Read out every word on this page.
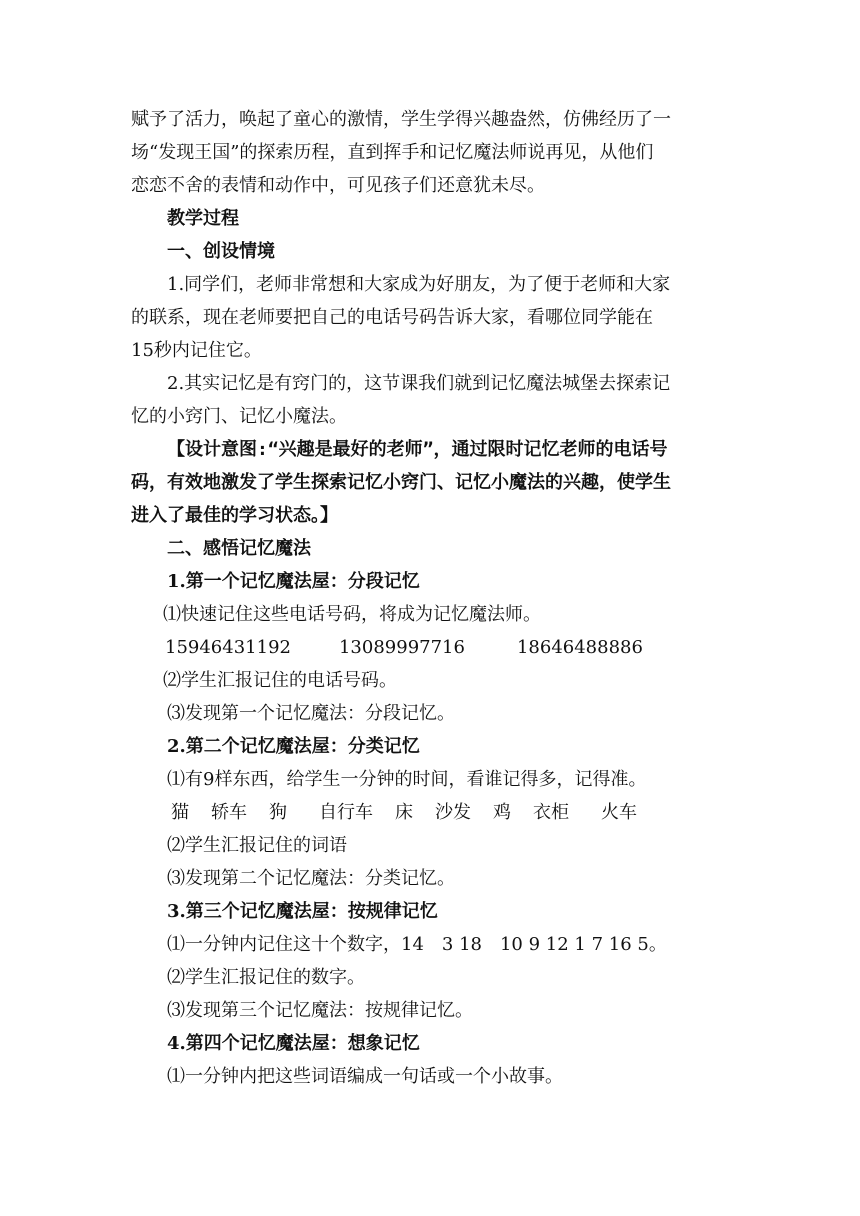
赋予了活力，唤起了童心的激情，学生学得兴趣盎然，仿佛经历了一

场“发现王国”的探索历程，直到挥手和记忆魔法师说再见，从他们

恋恋不舍的表情和动作中，可见孩子们还意犹未尽。

教学过程

一、创设情境

1.同学们，老师非常想和大家成为好朋友，为了便于老师和大家

的联系，现在老师要把自己的电话号码告诉大家，看哪位同学能在

15秒内记住它。

2.其实记忆是有窍门的，这节课我们就到记忆魔法城堡去探索记

忆的小窍门、记忆小魔法。

【设计意图:“兴趣是最好的老师”，通过限时记忆老师的电话号

码，有效地激发了学生探索记忆小窍门、记忆小魔法的兴趣，使学生

进入了最佳的学习状态。】

二、感悟记忆魔法

1.第一个记忆魔法屋：分段记忆

⑴快速记住这些电话号码，将成为记忆魔法师。

15946431192	13089997716	18646488886

⑵学生汇报记住的电话号码。

⑶发现第一个记忆魔法：分段记忆。

2.第二个记忆魔法屋：分类记忆

⑴有9样东西，给学生一分钟的时间，看谁记得多，记得准。

猫 轿车 狗 自行车 床 沙发 鸡 衣柜 火车

⑵学生汇报记住的词语

⑶发现第二个记忆魔法：分类记忆。

3.第三个记忆魔法屋：按规律记忆

⑴一分钟内记住这十个数字，14　3 18　10 9 12 1 7 16 5。

⑵学生汇报记住的数字。

⑶发现第三个记忆魔法：按规律记忆。

4.第四个记忆魔法屋：想象记忆

⑴一分钟内把这些词语编成一句话或一个小故事。
